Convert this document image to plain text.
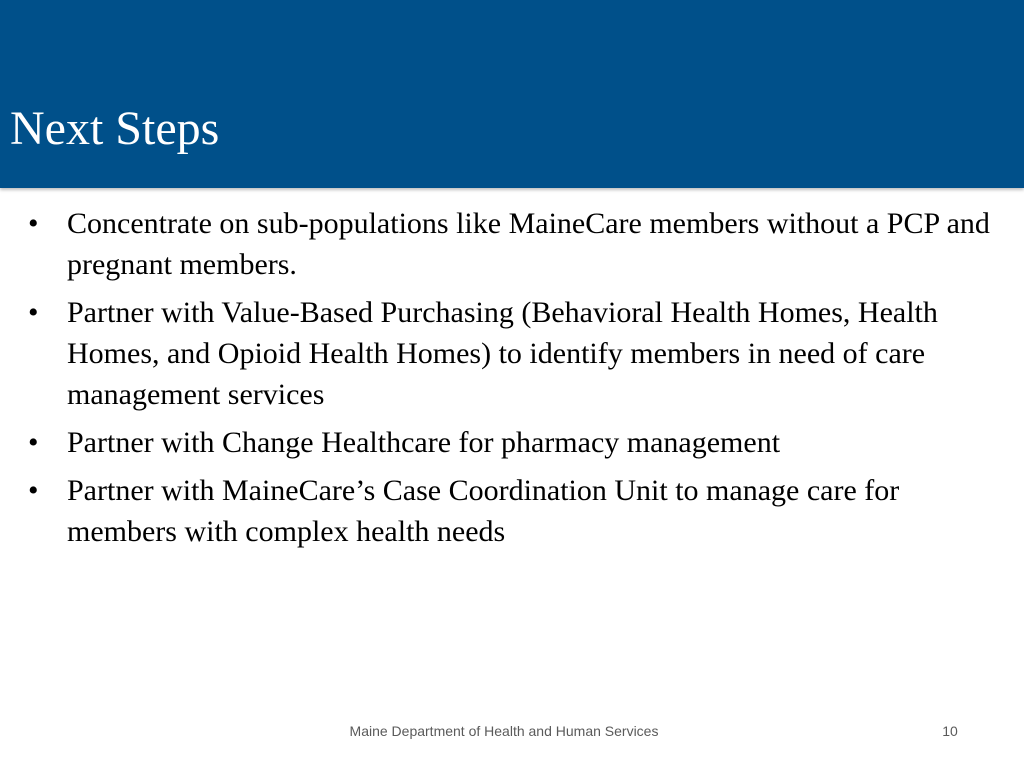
Next Steps
• Concentrate on sub-populations like MaineCare members without a PCP and pregnant members.
• Partner with Value-Based Purchasing (Behavioral Health Homes, Health Homes, and Opioid Health Homes) to identify members in need of care management services
• Partner with Change Healthcare for pharmacy management
• Partner with MaineCare’s Case Coordination Unit to manage care for members with complex health needs
Maine Department of Health and Human Services	10
